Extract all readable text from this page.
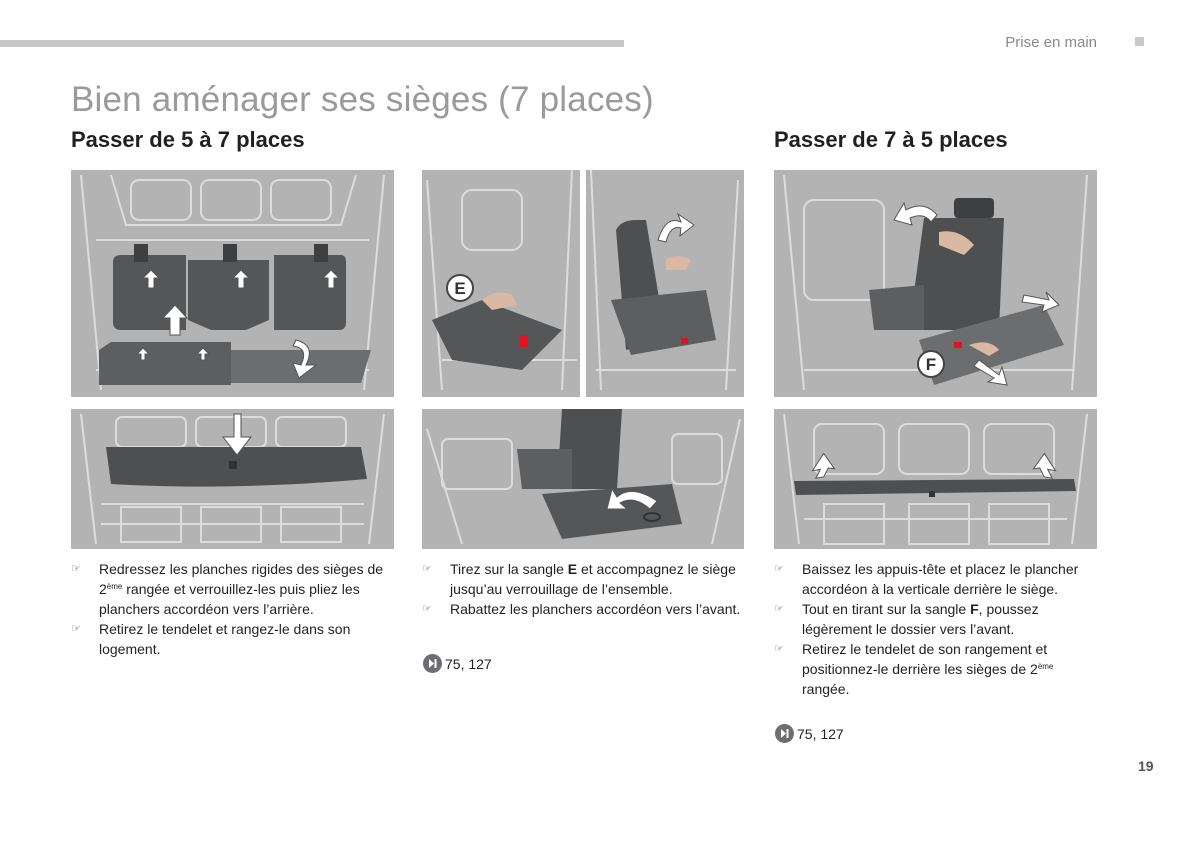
Prise en main
Bien aménager ses sièges (7 places)
Passer de 5 à 7 places	Passer de 7 à 5 places
E
F
☞ Redressez les planches rigides des sièges de 2ème rangée et verrouillez-les puis pliez les planchers accordéon vers l’arrière.
☞ Retirez le tendelet et rangez-le dans son logement.
☞ Tirez sur la sangle E et accompagnez le siège jusqu’au verrouillage de l’ensemble.
☞ Rabattez les planchers accordéon vers l’avant.
75, 127
☞ Baissez les appuis-tête et placez le plancher accordéon à la verticale derrière le siège.
☞ Tout en tirant sur la sangle F, poussez légèrement le dossier vers l’avant.
☞ Retirez le tendelet de son rangement et positionnez-le derrière les sièges de 2ème rangée.
75, 127
19
